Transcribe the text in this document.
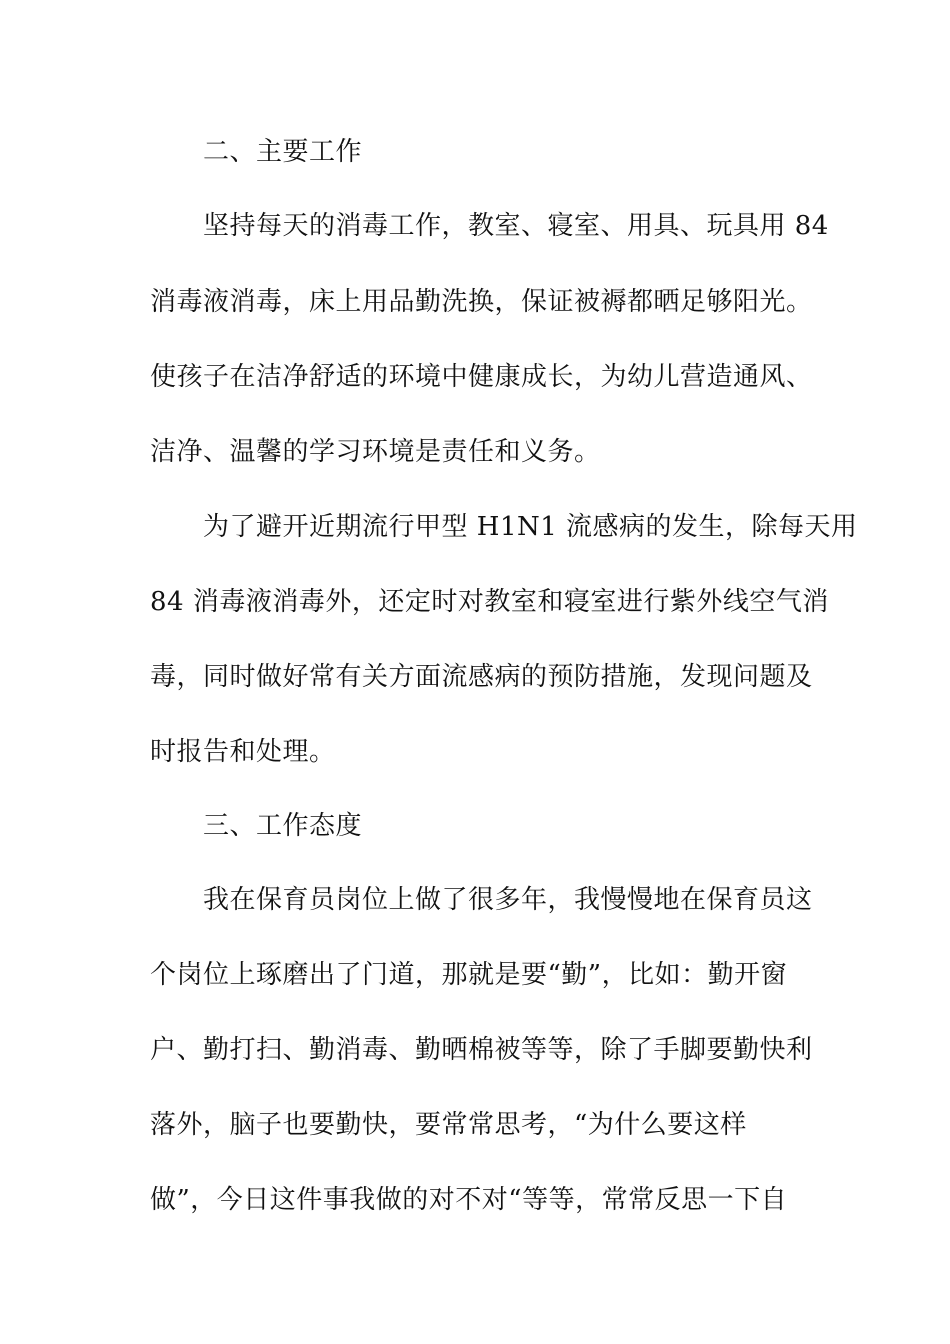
二、主要工作
坚持每天的消毒工作，教室、寝室、用具、玩具用 84
消毒液消毒，床上用品勤洗换，保证被褥都晒足够阳光。
使孩子在洁净舒适的环境中健康成长，为幼儿营造通风、
洁净、温馨的学习环境是责任和义务。
为了避开近期流行甲型 H1N1 流感病的发生，除每天用
84 消毒液消毒外，还定时对教室和寝室进行紫外线空气消
毒，同时做好常有关方面流感病的预防措施，发现问题及
时报告和处理。
三、工作态度
我在保育员岗位上做了很多年，我慢慢地在保育员这
个岗位上琢磨出了门道，那就是要“勤”，比如：勤开窗
户、勤打扫、勤消毒、勤晒棉被等等，除了手脚要勤快利
落外，脑子也要勤快，要常常思考，“为什么要这样
做”，今日这件事我做的对不对“等等，常常反思一下自
